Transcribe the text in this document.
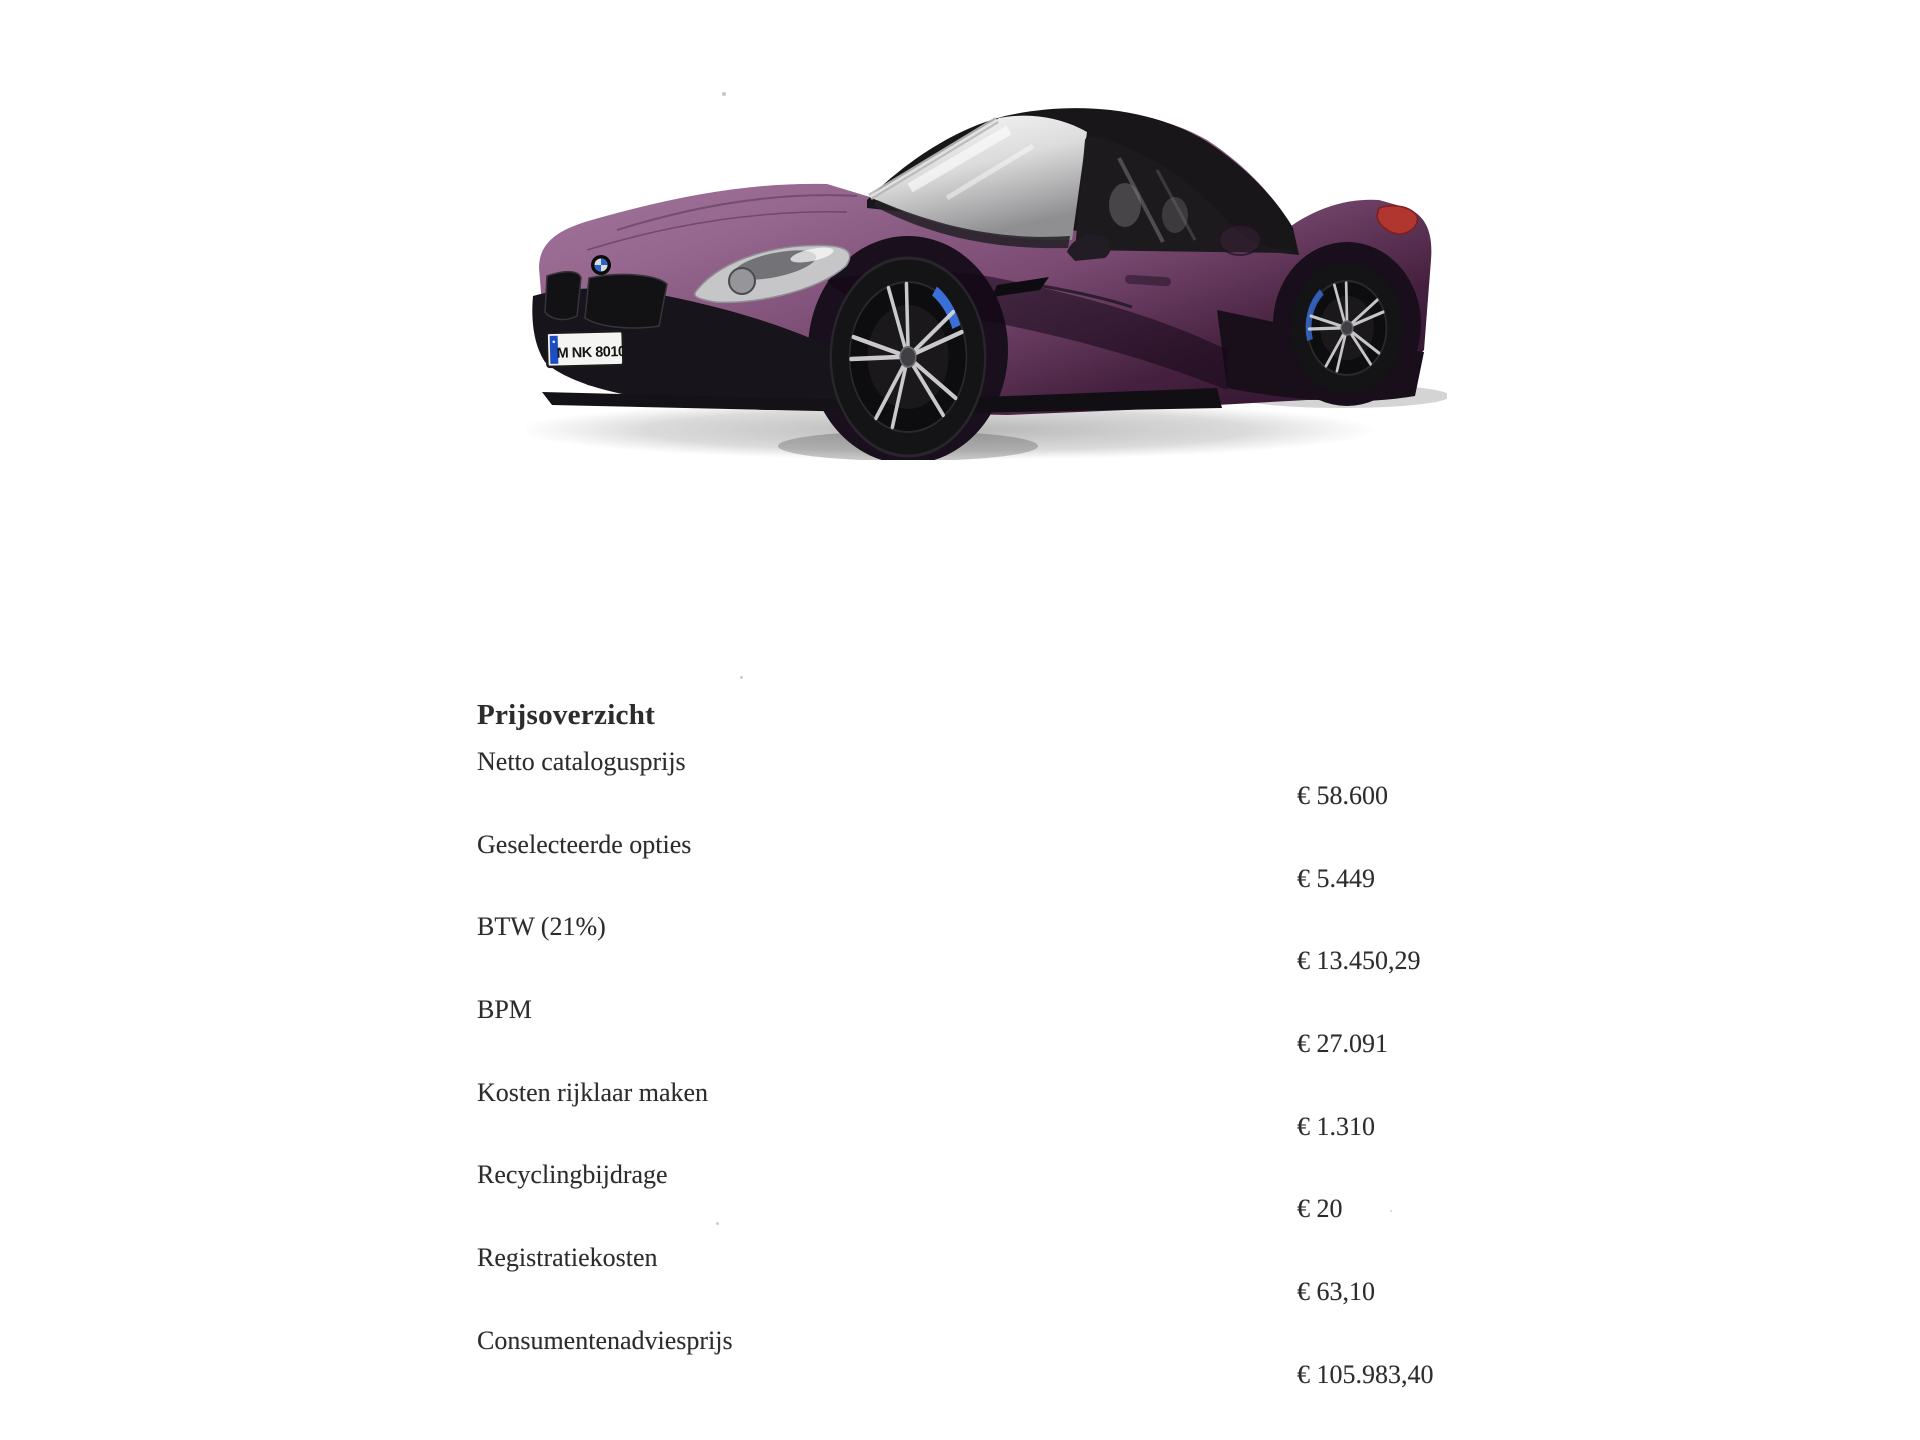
M NK 8010
Prijsoverzicht
Netto catalogusprijs
€ 58.600
Geselecteerde opties
€ 5.449
BTW (21%)
€ 13.450,29
BPM
€ 27.091
Kosten rijklaar maken
€ 1.310
Recyclingbijdrage
€ 20
Registratiekosten
€ 63,10
Consumentenadviesprijs
€ 105.983,40
